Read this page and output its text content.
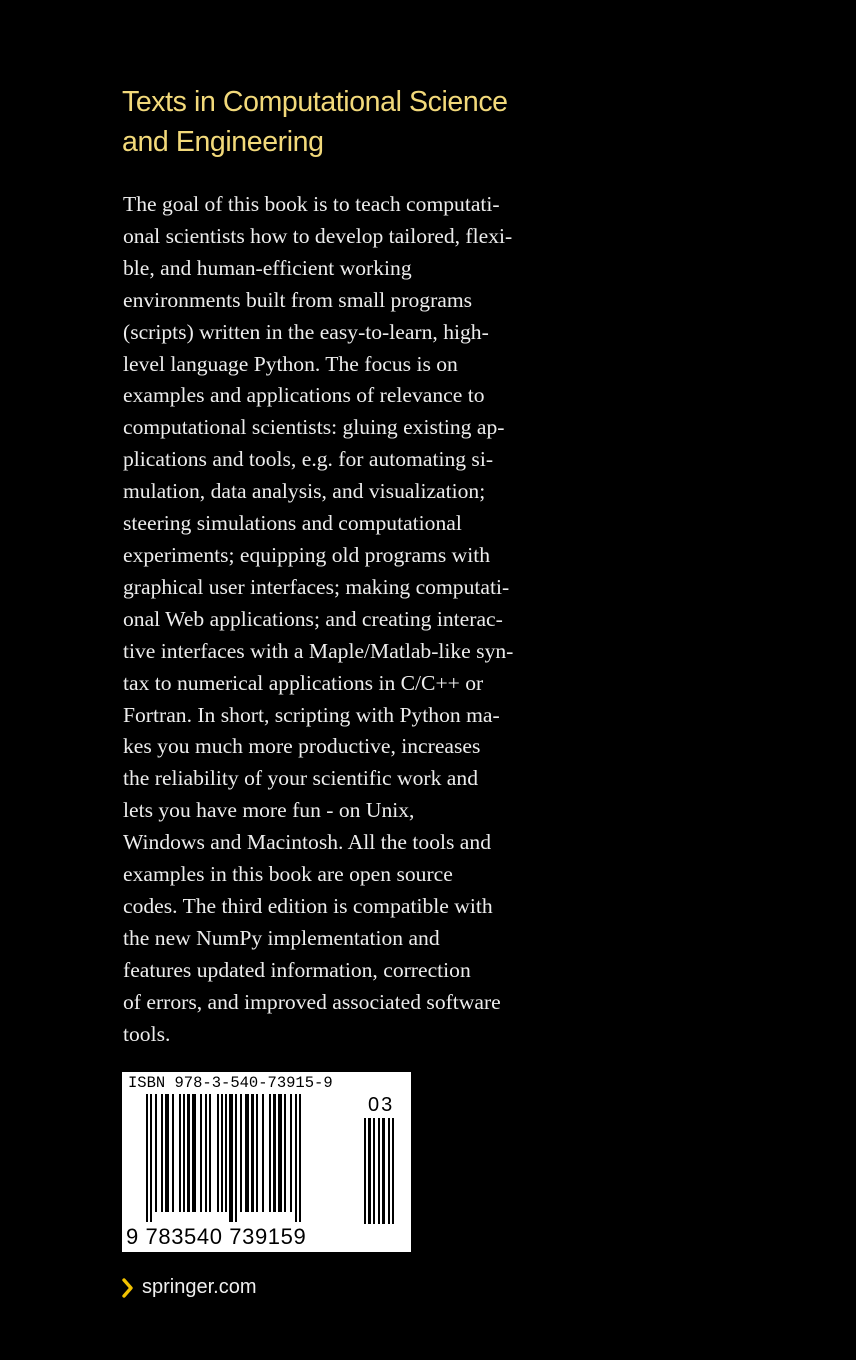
Texts in Computational Science
and Engineering
The goal of this book is to teach computati-
onal scientists how to develop tailored, flexi-
ble, and human-efficient working
environments built from small programs
(scripts) written in the easy-to-learn, high-
level language Python. The focus is on
examples and applications of relevance to
computational scientists: gluing existing ap-
plications and tools, e.g. for automating si-
mulation, data analysis, and visualization;
steering simulations and computational
experiments; equipping old programs with
graphical user interfaces; making computati-
onal Web applications; and creating interac-
tive interfaces with a Maple/Matlab-like syn-
tax to numerical applications in C/C++ or
Fortran. In short, scripting with Python ma-
kes you much more productive, increases
the reliability of your scientific work and
lets you have more fun - on Unix,
Windows and Macintosh. All the tools and
examples in this book are open source
codes. The third edition is compatible with
the new NumPy implementation and
features updated information, correction
of errors, and improved associated software
tools.
ISBN 978-3-540-73915-9
03
9 783540 739159
springer.com
